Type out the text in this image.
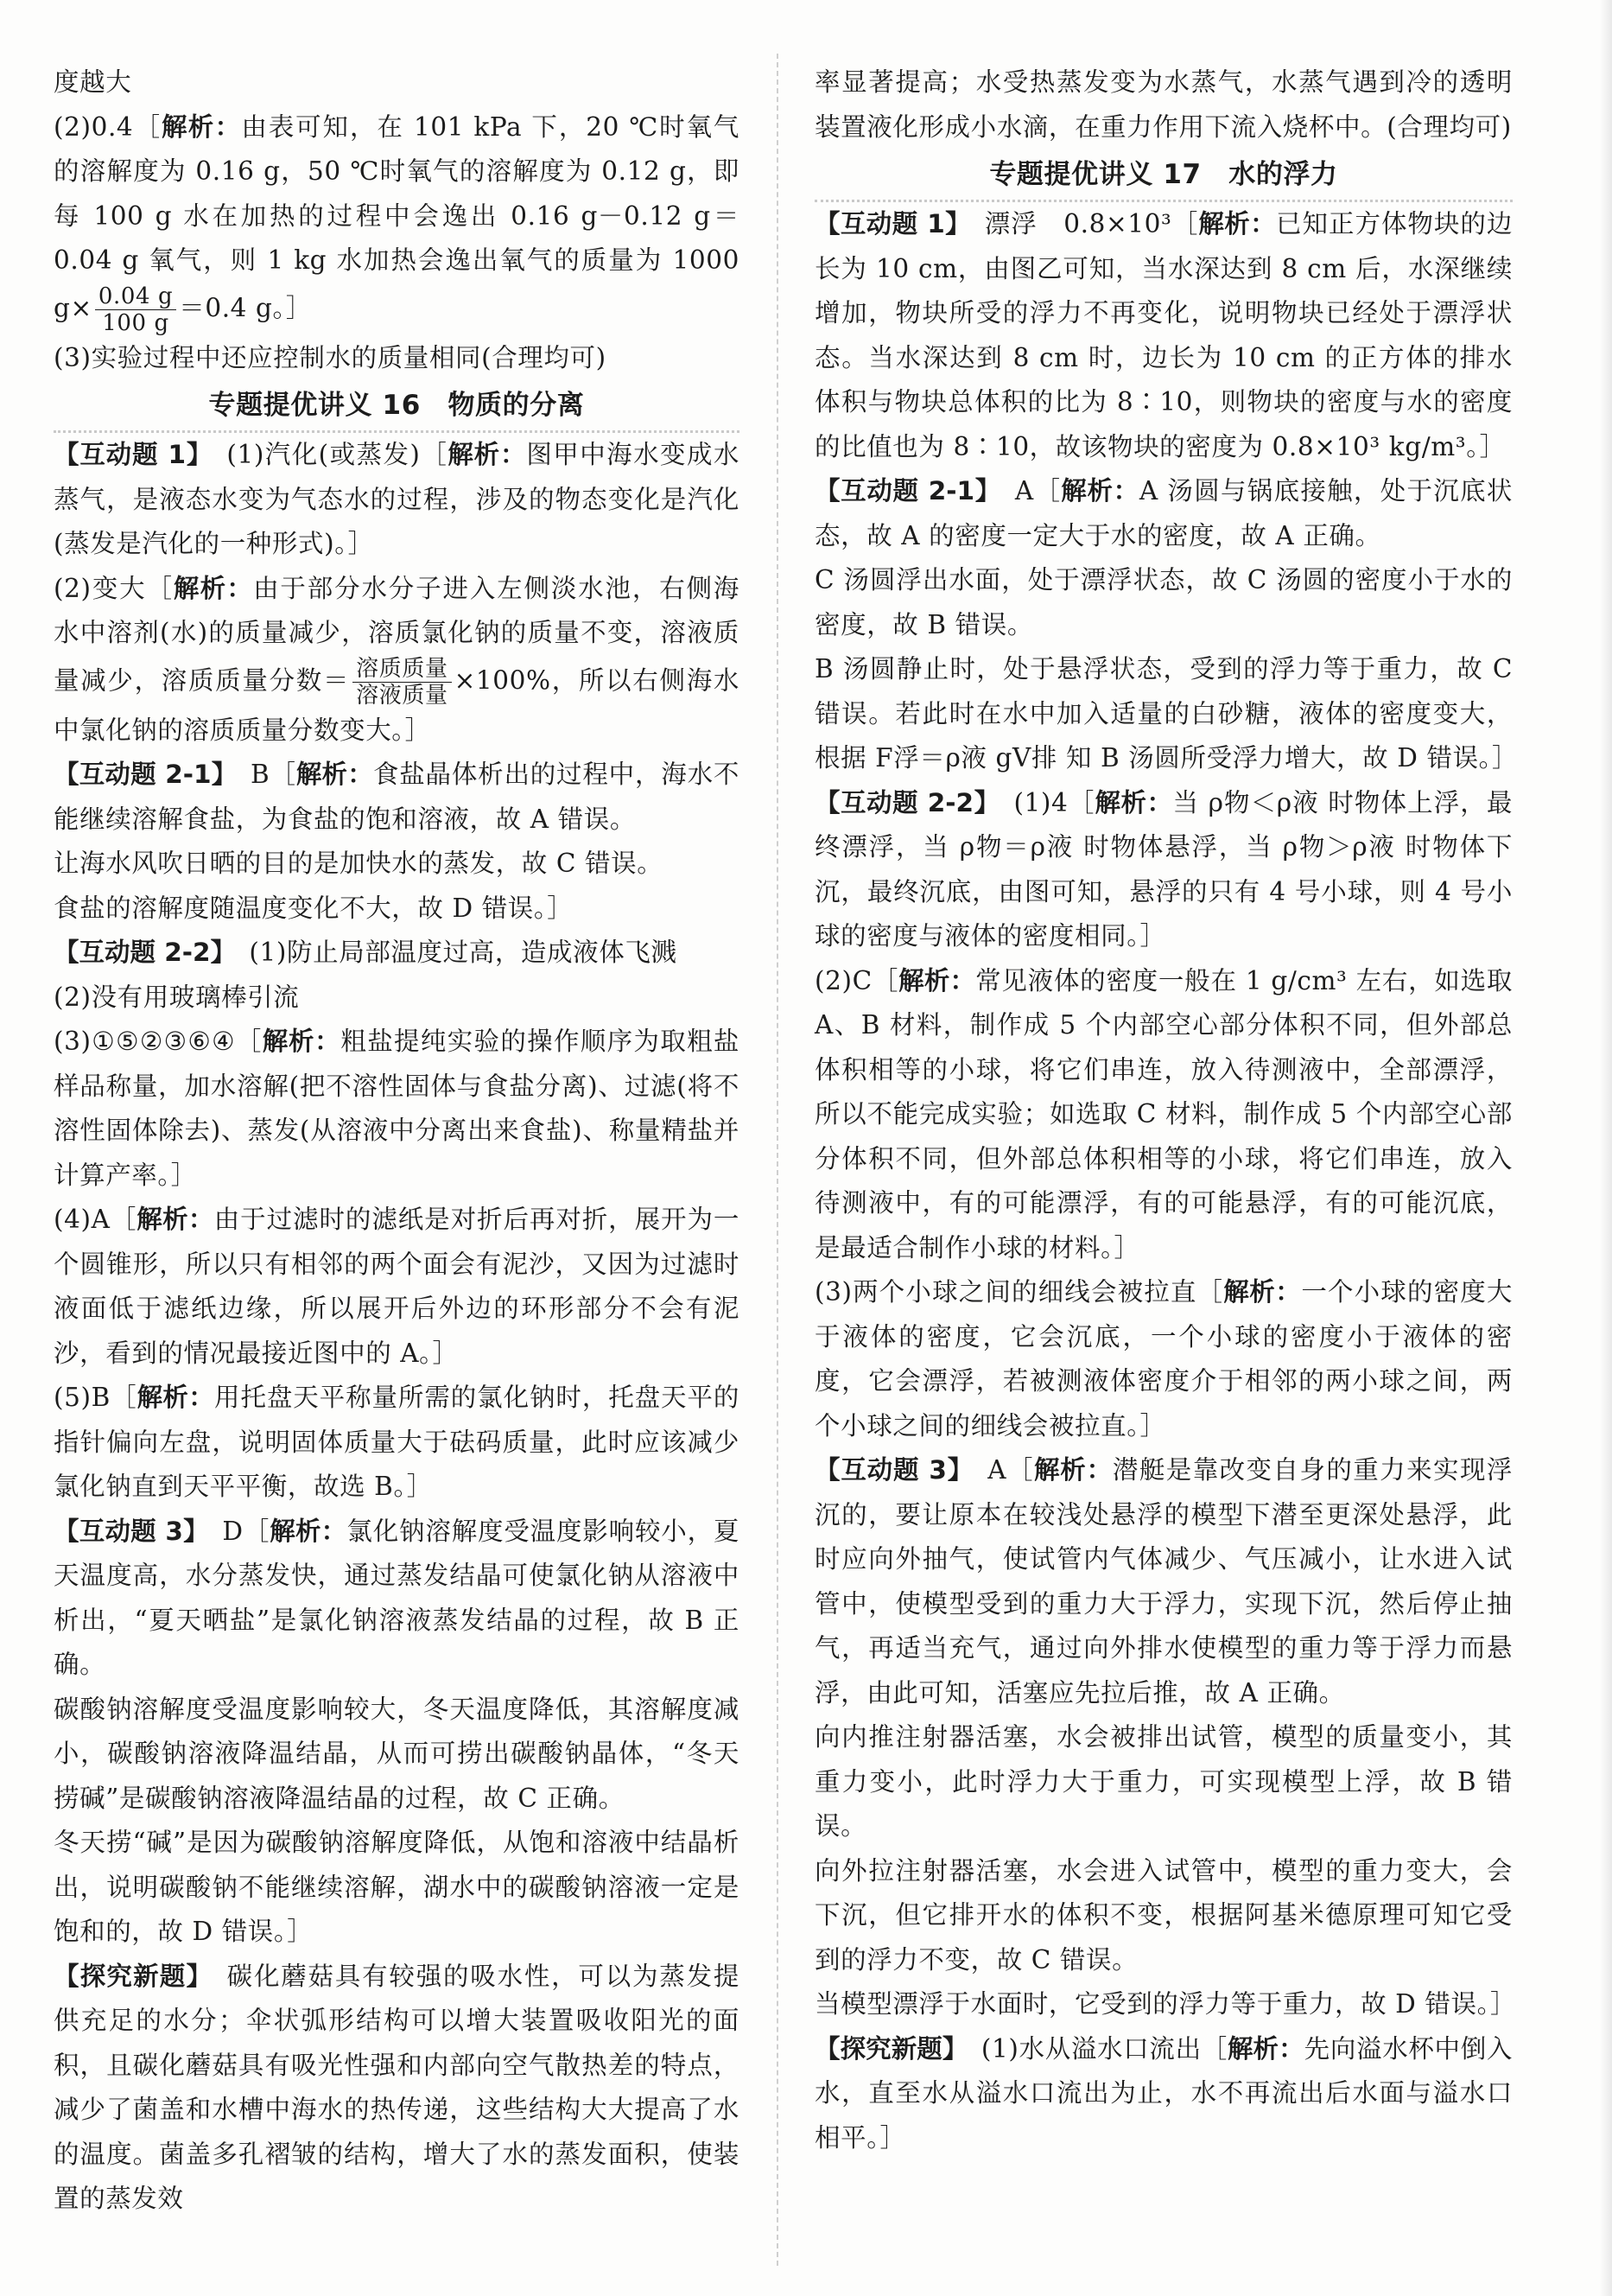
度越大

(2)0.4［解析：由表可知，在 101 kPa 下，20 ℃时氧气的溶解度为 0.16 g，50 ℃时氧气的溶解度为 0.12 g，即每 100 g 水在加热的过程中会逸出 0.16 g－0.12 g＝0.04 g 氧气，则 1 kg 水加热会逸出氧气的质量为 1000 $g\times \frac{0.04 g}{100 g} =0.4$ g。］

(3)实验过程中还应控制水的质量相同(合理均可)

专题提优讲义 16　物质的分离

【互动题 1】　(1)汽化(或蒸发)［解析：图甲中海水变成水蒸气，是液态水变为气态水的过程，涉及的物态变化是汽化(蒸发是汽化的一种形式)。］

(2)变大［解析：由于部分水分子进入左侧淡水池，右侧海水中溶剂(水)的质量减少，溶质氯化钠的质量不变，溶液质量减少，溶质质量分数＝ $\frac{\text{溶质质量}}{\text{溶液质量}} \times 100\%$，所以右侧海水中氯化钠的溶质质量分数变大。］

【互动题 2-1】　B［解析：食盐晶体析出的过程中，海水不能继续溶解食盐，为食盐的饱和溶液，故 A 错误。

让海水风吹日晒的目的是加快水的蒸发，故 C 错误。

食盐的溶解度随温度变化不大，故 D 错误。］

【互动题 2-2】　(1)防止局部温度过高，造成液体飞溅

(2)没有用玻璃棒引流

(3)①⑤②③⑥④［解析：粗盐提纯实验的操作顺序为取粗盐样品称量，加水溶解(把不溶性固体与食盐分离)、过滤(将不溶性固体除去)、蒸发(从溶液中分离出来食盐)、称量精盐并计算产率。］

(4)A［解析：由于过滤时的滤纸是对折后再对折，展开为一个圆锥形，所以只有相邻的两个面会有泥沙，又因为过滤时液面低于滤纸边缘，所以展开后外边的环形部分不会有泥沙，看到的情况最接近图中的 A。］

(5)B［解析：用托盘天平称量所需的氯化钠时，托盘天平的指针偏向左盘，说明固体质量大于砝码质量，此时应该减少氯化钠直到天平平衡，故选 B。］

【互动题 3】　D［解析：氯化钠溶解度受温度影响较小，夏天温度高，水分蒸发快，通过蒸发结晶可使氯化钠从溶液中析出，“夏天晒盐”是氯化钠溶液蒸发结晶的过程，故 B 正确。

碳酸钠溶解度受温度影响较大，冬天温度降低，其溶解度减小，碳酸钠溶液降温结晶，从而可捞出碳酸钠晶体，“冬天捞碱”是碳酸钠溶液降温结晶的过程，故 C 正确。

冬天捞“碱”是因为碳酸钠溶解度降低，从饱和溶液中结晶析出，说明碳酸钠不能继续溶解，湖水中的碳酸钠溶液一定是饱和的，故 D 错误。］

【探究新题】　碳化蘑菇具有较强的吸水性，可以为蒸发提供充足的水分；伞状弧形结构可以增大装置吸收阳光的面积，且碳化蘑菇具有吸光性强和内部向空气散热差的特点，减少了菌盖和水槽中海水的热传递，这些结构大大提高了水的温度。菌盖多孔褶皱的结构，增大了水的蒸发面积，使装置的蒸发效

率显著提高；水受热蒸发变为水蒸气，水蒸气遇到冷的透明装置液化形成小水滴，在重力作用下流入烧杯中。(合理均可)

专题提优讲义 17　水的浮力

【互动题 1】　漂浮　0.8×10³［解析：已知正方体物块的边长为 10 cm，由图乙可知，当水深达到 8 cm 后，水深继续增加，物块所受的浮力不再变化，说明物块已经处于漂浮状态。当水深达到 8 cm 时，边长为 10 cm 的正方体的排水体积与物块总体积的比为 8∶10，则物块的密度与水的密度的比值也为 8∶10，故该物块的密度为 0.8×10³ kg/m³。］

【互动题 2-1】　A［解析：A 汤圆与锅底接触，处于沉底状态，故 A 的密度一定大于水的密度，故 A 正确。

C 汤圆浮出水面，处于漂浮状态，故 C 汤圆的密度小于水的密度，故 B 错误。

B 汤圆静止时，处于悬浮状态，受到的浮力等于重力，故 C 错误。若此时在水中加入适量的白砂糖，液体的密度变大，根据 F浮＝ρ液 gV排 知 B 汤圆所受浮力增大，故 D 错误。］

【互动题 2-2】　(1)4［解析：当 ρ物＜ρ液 时物体上浮，最终漂浮，当 ρ物＝ρ液 时物体悬浮，当 ρ物＞ρ液 时物体下沉，最终沉底，由图可知，悬浮的只有 4 号小球，则 4 号小球的密度与液体的密度相同。］

(2)C［解析：常见液体的密度一般在 1 g/cm³ 左右，如选取 A、B 材料，制作成 5 个内部空心部分体积不同，但外部总体积相等的小球，将它们串连，放入待测液中，全部漂浮，所以不能完成实验；如选取 C 材料，制作成 5 个内部空心部分体积不同，但外部总体积相等的小球，将它们串连，放入待测液中，有的可能漂浮，有的可能悬浮，有的可能沉底，是最适合制作小球的材料。］

(3)两个小球之间的细线会被拉直［解析：一个小球的密度大于液体的密度，它会沉底，一个小球的密度小于液体的密度，它会漂浮，若被测液体密度介于相邻的两小球之间，两个小球之间的细线会被拉直。］

【互动题 3】　A［解析：潜艇是靠改变自身的重力来实现浮沉的，要让原本在较浅处悬浮的模型下潜至更深处悬浮，此时应向外抽气，使试管内气体减少、气压减小，让水进入试管中，使模型受到的重力大于浮力，实现下沉，然后停止抽气，再适当充气，通过向外排水使模型的重力等于浮力而悬浮，由此可知，活塞应先拉后推，故 A 正确。

向内推注射器活塞，水会被排出试管，模型的质量变小，其重力变小，此时浮力大于重力，可实现模型上浮，故 B 错误。

向外拉注射器活塞，水会进入试管中，模型的重力变大，会下沉，但它排开水的体积不变，根据阿基米德原理可知它受到的浮力不变，故 C 错误。

当模型漂浮于水面时，它受到的浮力等于重力，故 D 错误。］

【探究新题】　(1)水从溢水口流出［解析：先向溢水杯中倒入水，直至水从溢水口流出为止，水不再流出后水面与溢水口相平。］
